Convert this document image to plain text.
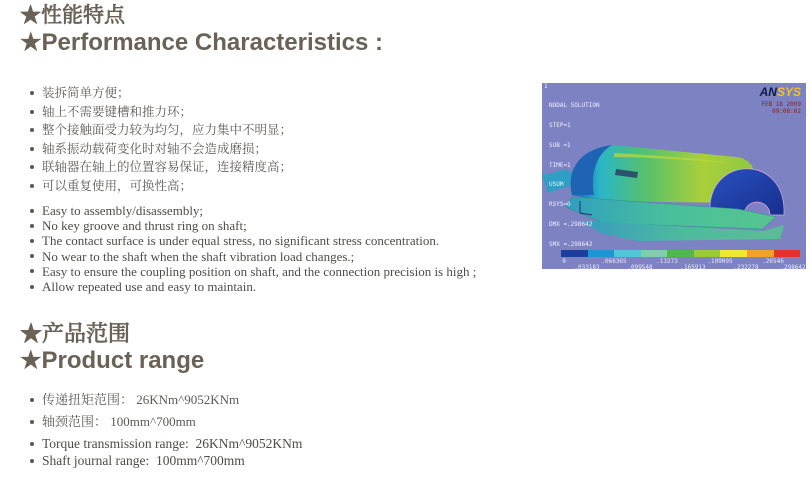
★性能特点
★Performance Characteristics :
装拆简单方便；
轴上不需要键槽和推力环；
整个接触面受力较为均匀，应力集中不明显；
轴系振动载荷变化时对轴不会造成磨损；
联轴器在轴上的位置容易保证，连接精度高；
可以重复使用，可换性高；
Easy to assembly/disassembly;
No key groove and thrust ring on shaft;
The contact surface is under equal stress, no significant stress concentration.
No wear to the shaft when the shaft vibration load changes.;
Easy to ensure the coupling position on shaft, and the connection precision is high ;
Allow repeated use and easy to maintain.
1

NODAL SOLUTION

STEP=1

SUB =1

TIME=1

USUM

RSYS=0

DMX =.298642

SMX =.298642

ANSYS
FEB 18 2009
09:08:02
0	.066365	.13273	.199095	.26546
.033183	.099548	.165913	.232278	.298642
★产品范围
★Product range
传递扭矩范围： 26KNm^9052KNm
轴颈范围： 100mm^700mm
Torque transmission range:  26KNm^9052KNm
Shaft journal range:  100mm^700mm
